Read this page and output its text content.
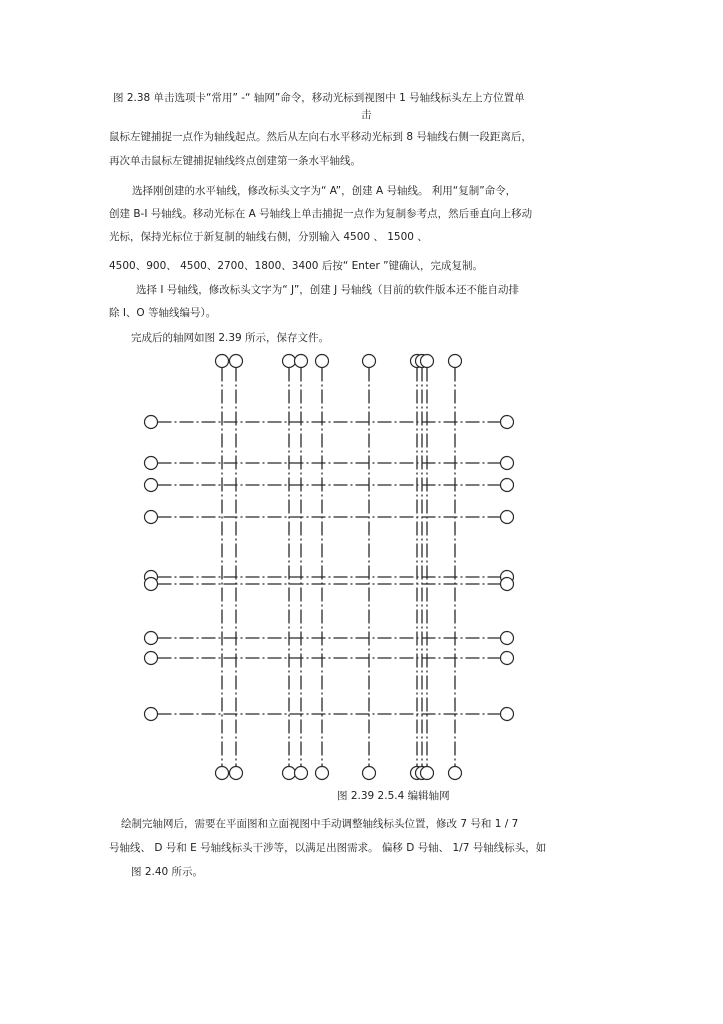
图 2.38 单击选项卡“常用” -“ 轴网”命令，移动光标到视图中 1 号轴线标头左上方位置单
击
鼠标左键捕捉一点作为轴线起点。然后从左向右水平移动光标到 8 号轴线右侧一段距离后，
再次单击鼠标左键捕捉轴线终点创建第一条水平轴线。
选择刚创建的水平轴线，修改标头文字为“ A”，创建 A 号轴线。 利用“复制”命令，
创建 B-I 号轴线。移动光标在 A 号轴线上单击捕捉一点作为复制参考点，然后垂直向上移动
光标，保持光标位于新复制的轴线右侧，分别输入 4500 、 1500 、
4500、900、 4500、2700、1800、3400 后按“ Enter ”键确认，完成复制。
选择 I 号轴线，修改标头文字为“ J”，创建 J 号轴线（目前的软件版本还不能自动排
除 I、O 等轴线编号）。
完成后的轴网如图 2.39 所示，保存文件。
图 2.39 2.5.4 编辑轴网
绘制完轴网后，需要在平面图和立面视图中手动调整轴线标头位置，修改 7 号和 1 / 7
号轴线、 D 号和 E 号轴线标头干涉等，以满足出图需求。 偏移 D 号轴、 1/7 号轴线标头，如
图 2.40 所示。
